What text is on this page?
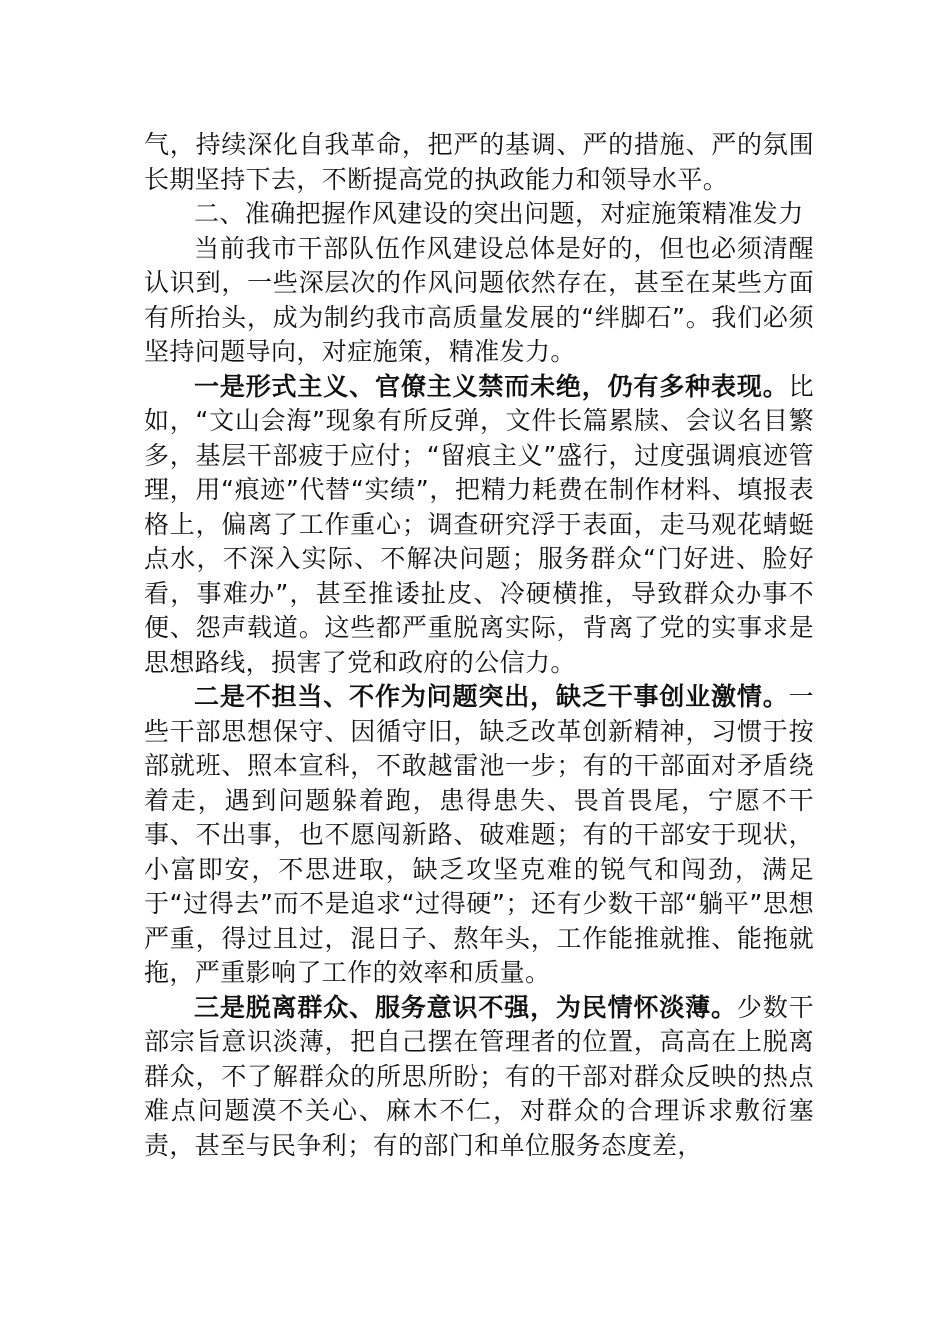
气，持续深化自我革命，把严的基调、严的措施、严的氛围长期坚持下去，不断提高党的执政能力和领导水平。

二、准确把握作风建设的突出问题，对症施策精准发力

当前我市干部队伍作风建设总体是好的，但也必须清醒认识到，一些深层次的作风问题依然存在，甚至在某些方面有所抬头，成为制约我市高质量发展的“绊脚石”。我们必须坚持问题导向，对症施策，精准发力。

一是形式主义、官僚主义禁而未绝，仍有多种表现。比如，“文山会海”现象有所反弹，文件长篇累牍、会议名目繁多，基层干部疲于应付；“留痕主义”盛行，过度强调痕迹管理，用“痕迹”代替“实绩”，把精力耗费在制作材料、填报表格上，偏离了工作重心；调查研究浮于表面，走马观花蜻蜓点水，不深入实际、不解决问题；服务群众“门好进、脸好看，事难办”，甚至推诿扯皮、冷硬横推，导致群众办事不便、怨声载道。这些都严重脱离实际，背离了党的实事求是思想路线，损害了党和政府的公信力。

二是不担当、不作为问题突出，缺乏干事创业激情。一些干部思想保守、因循守旧，缺乏改革创新精神，习惯于按部就班、照本宣科，不敢越雷池一步；有的干部面对矛盾绕着走，遇到问题躲着跑，患得患失、畏首畏尾，宁愿不干事、不出事，也不愿闯新路、破难题；有的干部安于现状，小富即安，不思进取，缺乏攻坚克难的锐气和闯劲，满足于“过得去”而不是追求“过得硬”；还有少数干部“躺平”思想严重，得过且过，混日子、熬年头，工作能推就推、能拖就拖，严重影响了工作的效率和质量。

三是脱离群众、服务意识不强，为民情怀淡薄。少数干部宗旨意识淡薄，把自己摆在管理者的位置，高高在上脱离群众，不了解群众的所思所盼；有的干部对群众反映的热点难点问题漠不关心、麻木不仁，对群众的合理诉求敷衍塞责，甚至与民争利；有的部门和单位服务态度差，
